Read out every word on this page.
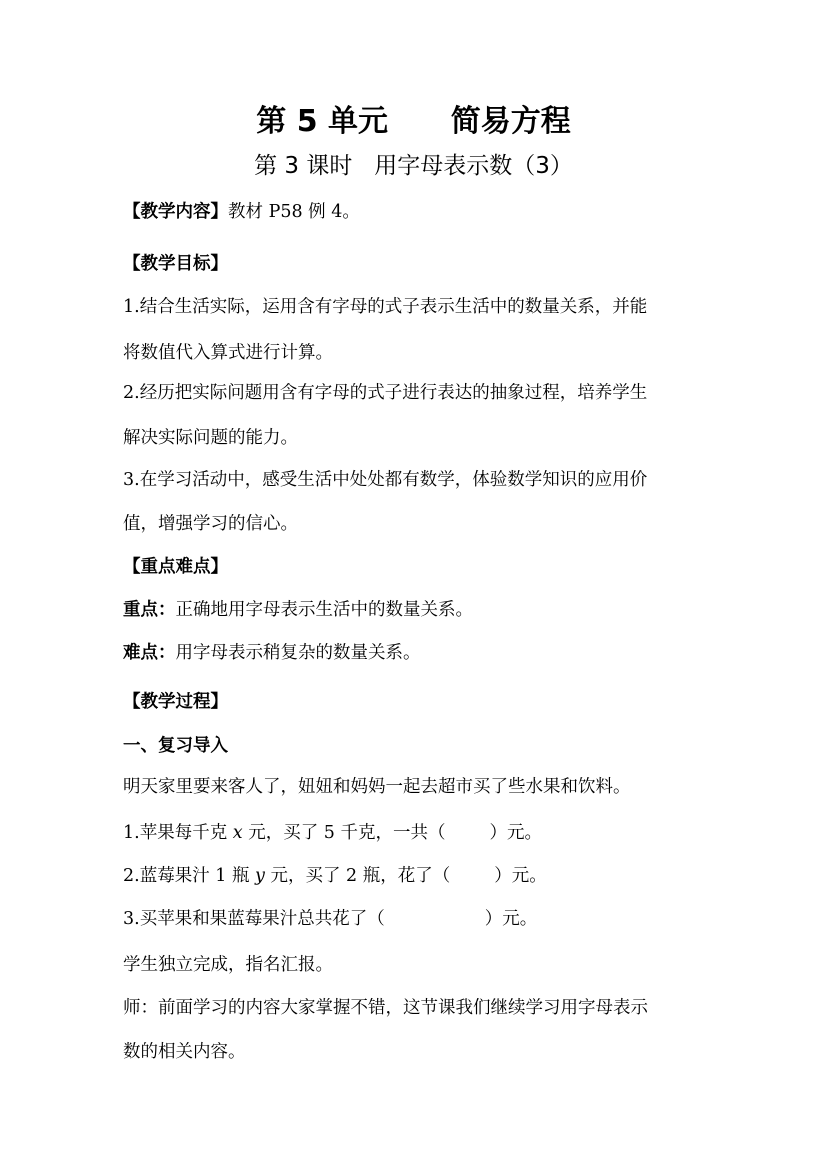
第 5 单元      简易方程
第 3 课时   用字母表示数（3）

【教学内容】教材 P58 例 4。

【教学目标】

1.结合生活实际，运用含有字母的式子表示生活中的数量关系，并能

将数值代入算式进行计算。

2.经历把实际问题用含有字母的式子进行表达的抽象过程，培养学生

解决实际问题的能力。

3.在学习活动中，感受生活中处处都有数学，体验数学知识的应用价

值，增强学习的信心。

【重点难点】

重点：正确地用字母表示生活中的数量关系。

难点：用字母表示稍复杂的数量关系。

【教学过程】

一、复习导入

明天家里要来客人了，妞妞和妈妈一起去超市买了些水果和饮料。

1.苹果每千克 x 元，买了 5 千克，一共（	）元。

2.蓝莓果汁 1 瓶 y 元，买了 2 瓶，花了（	）元。

3.买苹果和果蓝莓果汁总共花了（	）元。

学生独立完成，指名汇报。

师：前面学习的内容大家掌握不错，这节课我们继续学习用字母表示

数的相关内容。
